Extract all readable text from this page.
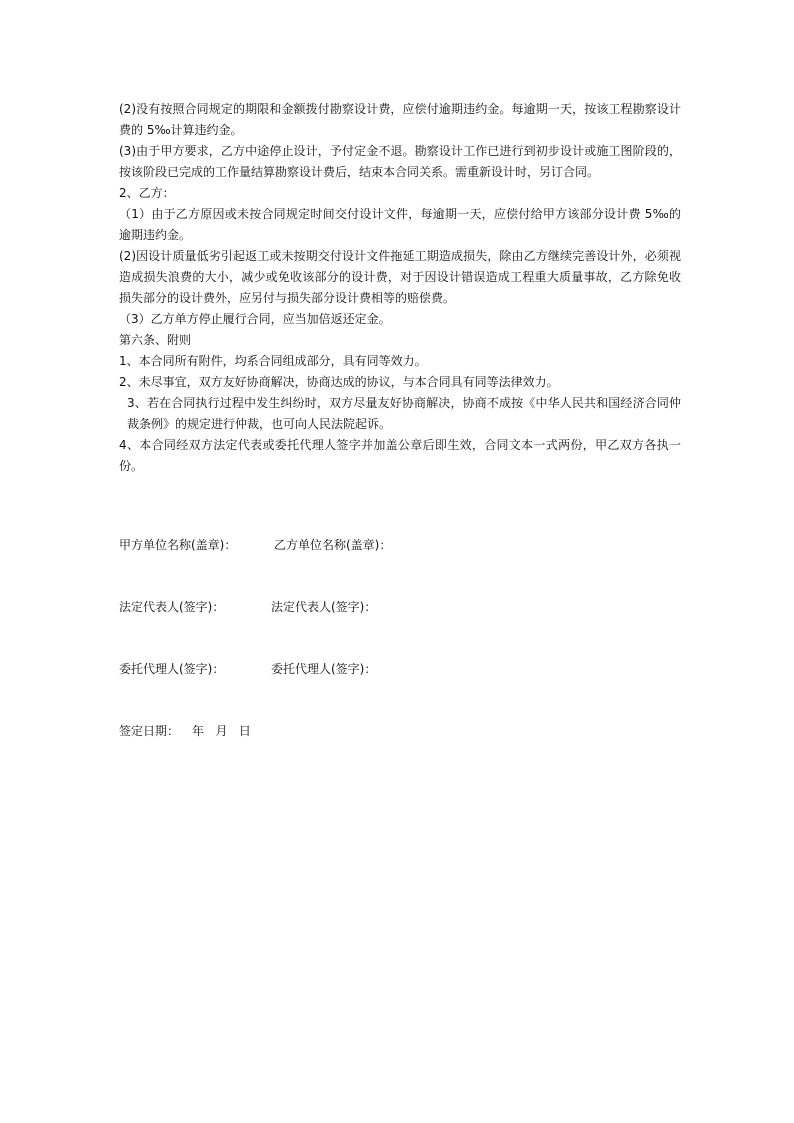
(2)没有按照合同规定的期限和金额拨付勘察设计费，应偿付逾期违约金。每逾期一天，按该工程勘察设计费的 5‰计算违约金。

(3)由于甲方要求，乙方中途停止设计，予付定金不退。勘察设计工作已进行到初步设计或施工图阶段的，按该阶段已完成的工作量结算勘察设计费后，结束本合同关系。需重新设计时，另订合同。

2、乙方：

（1）由于乙方原因或未按合同规定时间交付设计文件，每逾期一天，应偿付给甲方该部分设计费 5‰的逾期违约金。

(2)因设计质量低劣引起返工或未按期交付设计文件拖延工期造成损失，除由乙方继续完善设计外，必须视造成损失浪费的大小，减少或免收该部分的设计费，对于因设计错误造成工程重大质量事故，乙方除免收损失部分的设计费外，应另付与损失部分设计费相等的赔偿费。

（3）乙方单方停止履行合同，应当加倍返还定金。

第六条、附则

1、本合同所有附件，均系合同组成部分，具有同等效力。

2、未尽事宜，双方友好协商解决，协商达成的协议，与本合同具有同等法律效力。

3、若在合同执行过程中发生纠纷时，双方尽量友好协商解决，协商不成按《中华人民共和国经济合同仲裁条例》的规定进行仲裁，也可向人民法院起诉。

4、本合同经双方法定代表或委托代理人签字并加盖公章后即生效，合同文本一式两份，甲乙双方各执一份。

甲方单位名称(盖章)：	乙方单位名称(盖章)：
法定代表人(签字)：	法定代表人(签字)：
委托代理人(签字)：	委托代理人(签字)：
签定日期： 年   月   日
